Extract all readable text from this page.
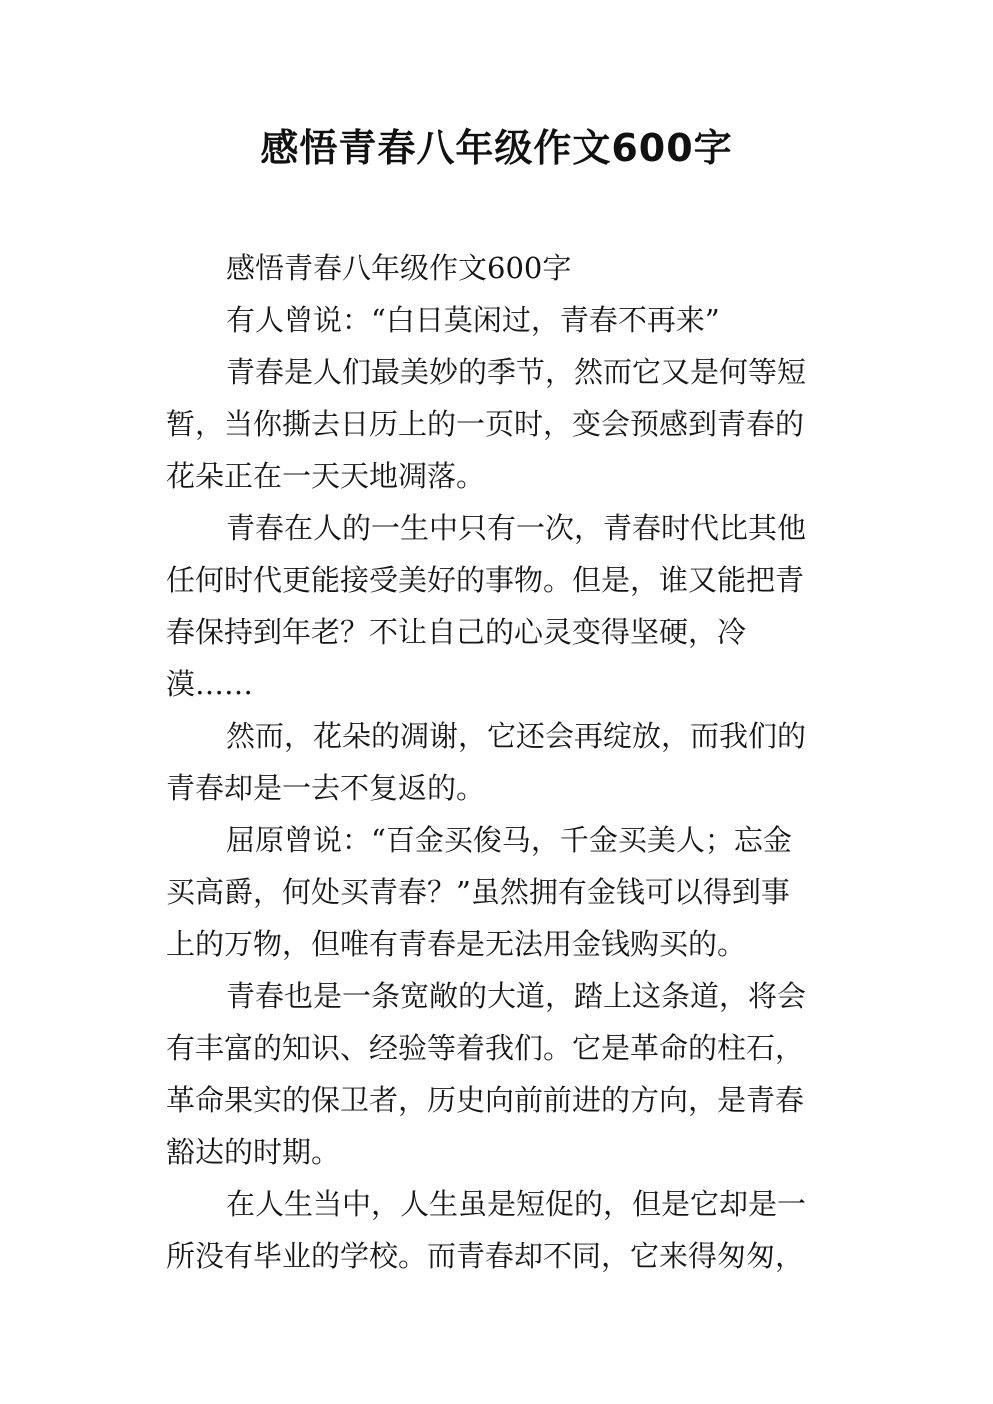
感悟青春八年级作文600字

感悟青春八年级作文600字

有人曾说：“白日莫闲过，青春不再来”

青春是人们最美妙的季节，然而它又是何等短
暂，当你撕去日历上的一页时，变会预感到青春的
花朵正在一天天地凋落。

青春在人的一生中只有一次，青春时代比其他
任何时代更能接受美好的事物。但是，谁又能把青
春保持到年老？不让自己的心灵变得坚硬，冷
漠……

然而，花朵的凋谢，它还会再绽放，而我们的
青春却是一去不复返的。

屈原曾说：“百金买俊马，千金买美人；忘金
买高爵，何处买青春？”虽然拥有金钱可以得到事
上的万物，但唯有青春是无法用金钱购买的。

青春也是一条宽敞的大道，踏上这条道，将会
有丰富的知识、经验等着我们。它是革命的柱石，
革命果实的保卫者，历史向前前进的方向，是青春
豁达的时期。

在人生当中，人生虽是短促的，但是它却是一
所没有毕业的学校。而青春却不同，它来得匆匆，
